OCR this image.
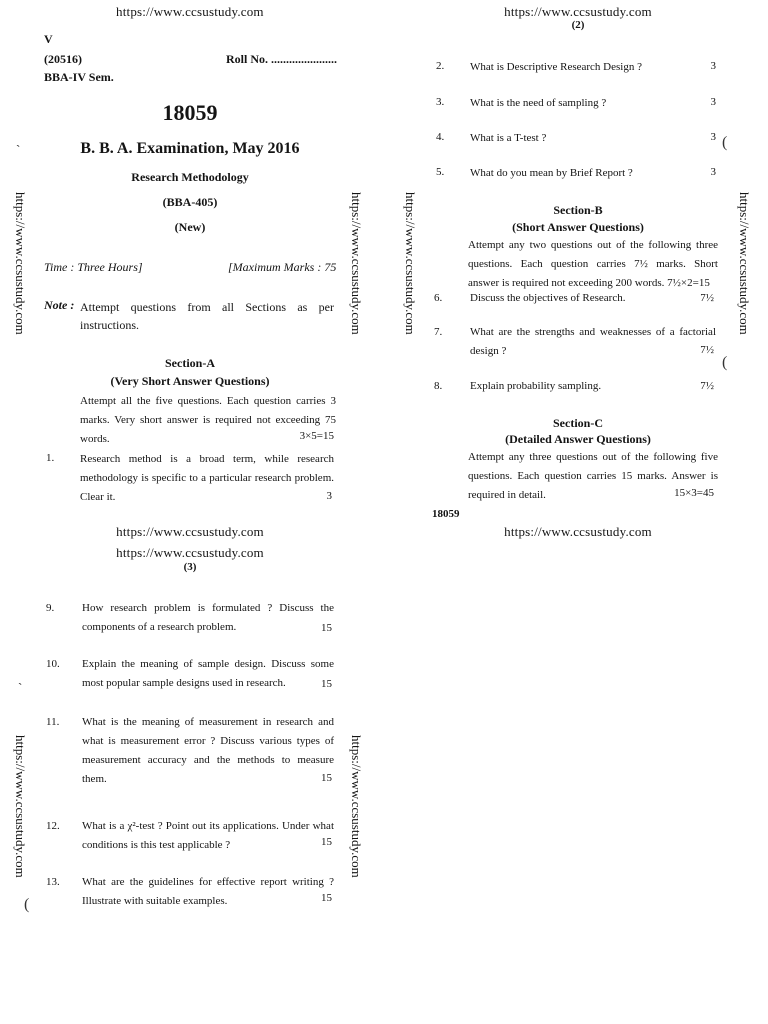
https://www.ccsustudy.com
V
(20516)	Roll No. ......................
BBA-IV Sem.
18059
B. B. A. Examination, May 2016
Research Methodology
(BBA-405)
(New)
Time : Three Hours]	[Maximum Marks : 75
Note : Attempt questions from all Sections as per instructions.
Section-A
(Very Short Answer Questions)
Attempt all the five questions. Each question carries 3 marks. Very short answer is required not exceeding 75 words.	3×5=15
1. Research method is a broad term, while research methodology is specific to a particular research problem. Clear it.	3
https://www.ccsustudy.com
https://www.ccsustudy.com
(2)
2. What is Descriptive Research Design ?	3
3. What is the need of sampling ?	3
4. What is a T-test ?	3
5. What do you mean by Brief Report ?	3
Section-B
(Short Answer Questions)
Attempt any two questions out of the following three questions. Each question carries 7½ marks. Short answer is required not exceeding 200 words. 7½×2=15
6.	Discuss the objectives of Research.	7½
7.	What are the strengths and weaknesses of a factorial design ?	7½
8.	Explain probability sampling.	7½
Section-C
(Detailed Answer Questions)
Attempt any three questions out of the following five questions. Each question carries 15 marks. Answer is required in detail.	15×3=45
18059
https://www.ccsustudy.com
https://www.ccsustudy.com
(3)
9.	How research problem is formulated ? Discuss the components of a research problem.	15
10. Explain the meaning of sample design. Discuss some most popular sample designs used in research.	15
11. What is the meaning of measurement in research and what is measurement error ? Discuss various types of measurement accuracy and the methods to measure them.	15
12. What is a χ²-test ? Point out its applications. Under what conditions is this test applicable ?	15
13. What are the guidelines for effective report writing ? Illustrate with suitable examples.	15
https://www.ccsustudy.com	https://www.ccsustudy.com	https://www.ccsustudy.com	https://www.ccsustudy.com
https://www.ccsustudy.com	https://www.ccsustudy.com
`	(
(
`
(
